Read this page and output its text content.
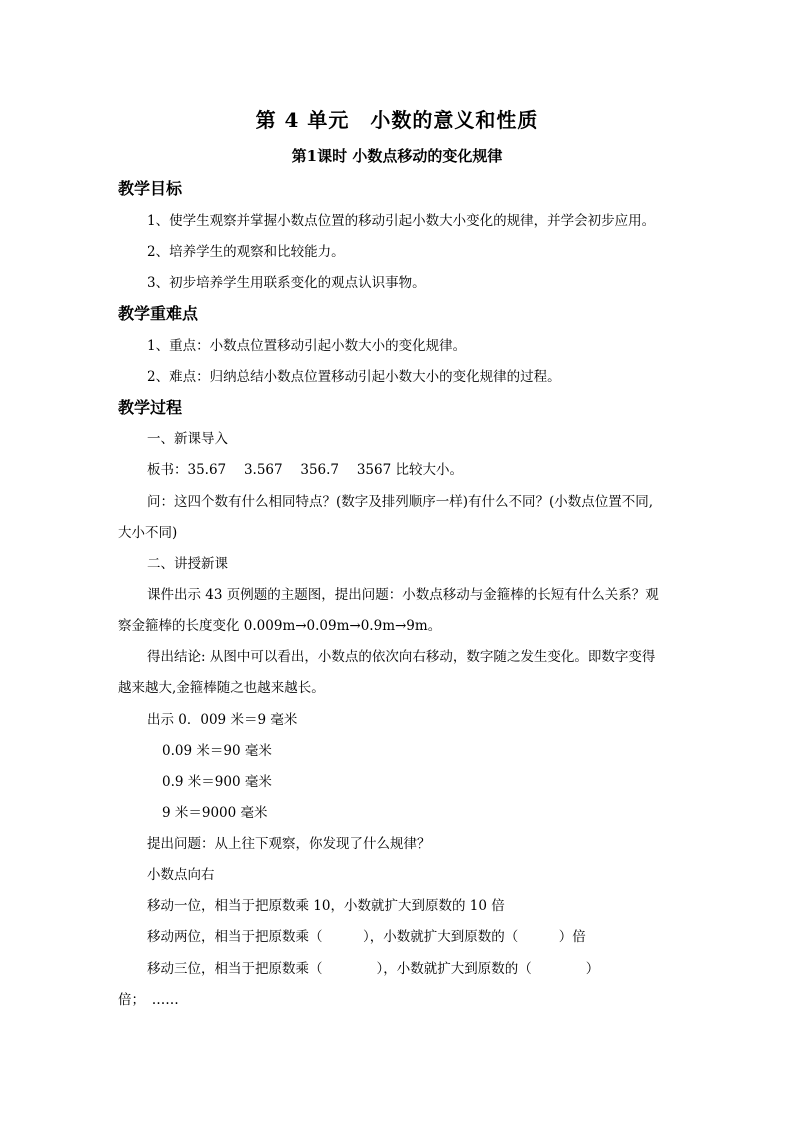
第 4 单元　小数的意义和性质
第1课时 小数点移动的变化规律
教学目标
1、使学生观察并掌握小数点位置的移动引起小数大小变化的规律，并学会初步应用。
2、培养学生的观察和比较能力。
3、初步培养学生用联系变化的观点认识事物。
教学重难点
1、重点：小数点位置移动引起小数大小的变化规律。
2、难点：归纳总结小数点位置移动引起小数大小的变化规律的过程。
教学过程
一、新课导入
板书：35.67　 3.567　 356.7　 3567 比较大小。
问：这四个数有什么相同特点？(数字及排列顺序一样)有什么不同？(小数点位置不同,
大小不同)
二、讲授新课
课件出示 43 页例题的主题图，提出问题：小数点移动与金箍棒的长短有什么关系？观
察金箍棒的长度变化 0.009m→0.09m→0.9m→9m。
得出结论: 从图中可以看出，小数点的依次向右移动，数字随之发生变化。即数字变得
越来越大,金箍棒随之也越来越长。
出示 0．009 米＝9 毫米
0.09 米＝90 毫米
0.9 米＝900 毫米
9 米＝9000 毫米
提出问题：从上往下观察，你发现了什么规律？
小数点向右
移动一位，相当于把原数乘 10，小数就扩大到原数的 10 倍
移动两位，相当于把原数乘（　　　），小数就扩大到原数的（　　　）倍
移动三位，相当于把原数乘（　　　　），小数就扩大到原数的（　　　　）
倍；　……
